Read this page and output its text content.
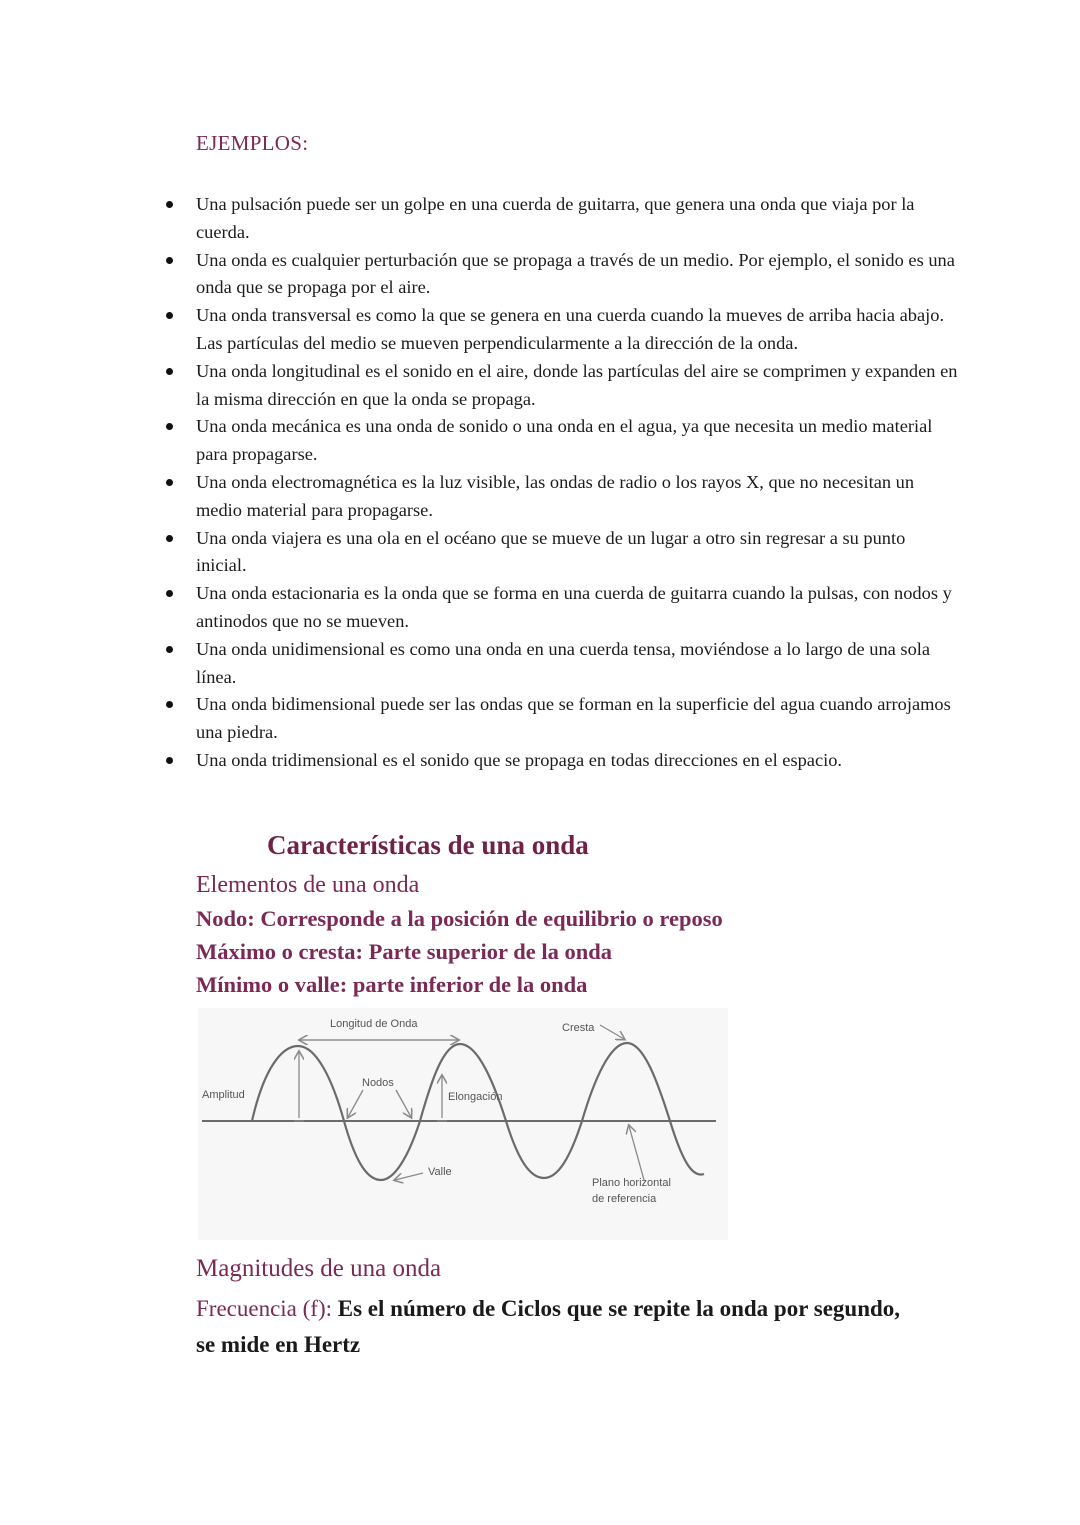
EJEMPLOS:
Una pulsación puede ser un golpe en una cuerda de guitarra, que genera una onda que viaja por la cuerda.
Una onda es cualquier perturbación que se propaga a través de un medio. Por ejemplo, el sonido es una onda que se propaga por el aire.
Una onda transversal es como la que se genera en una cuerda cuando la mueves de arriba hacia abajo. Las partículas del medio se mueven perpendicularmente a la dirección de la onda.
Una onda longitudinal es el sonido en el aire, donde las partículas del aire se comprimen y expanden en la misma dirección en que la onda se propaga.
Una onda mecánica es una onda de sonido o una onda en el agua, ya que necesita un medio material para propagarse.
Una onda electromagnética es la luz visible, las ondas de radio o los rayos X, que no necesitan un medio material para propagarse.
Una onda viajera es una ola en el océano que se mueve de un lugar a otro sin regresar a su punto inicial.
Una onda estacionaria es la onda que se forma en una cuerda de guitarra cuando la pulsas, con nodos y antinodos que no se mueven.
Una onda unidimensional es como una onda en una cuerda tensa, moviéndose a lo largo de una sola línea.
Una onda bidimensional puede ser las ondas que se forman en la superficie del agua cuando arrojamos una piedra.
Una onda tridimensional es el sonido que se propaga en todas direcciones en el espacio.
Características de una onda
Elementos de una onda
Nodo: Corresponde a la posición de equilibrio o reposo
Máximo o cresta: Parte superior de la onda
Mínimo o valle: parte inferior de la onda
Longitud de Onda	Cresta
Amplitud
Nodos
Elongación
Valle
Plano horizontal
de referencia
Magnitudes de una onda
Frecuencia (f): Es el número de Ciclos que se repite la onda por segundo, se mide en Hertz
